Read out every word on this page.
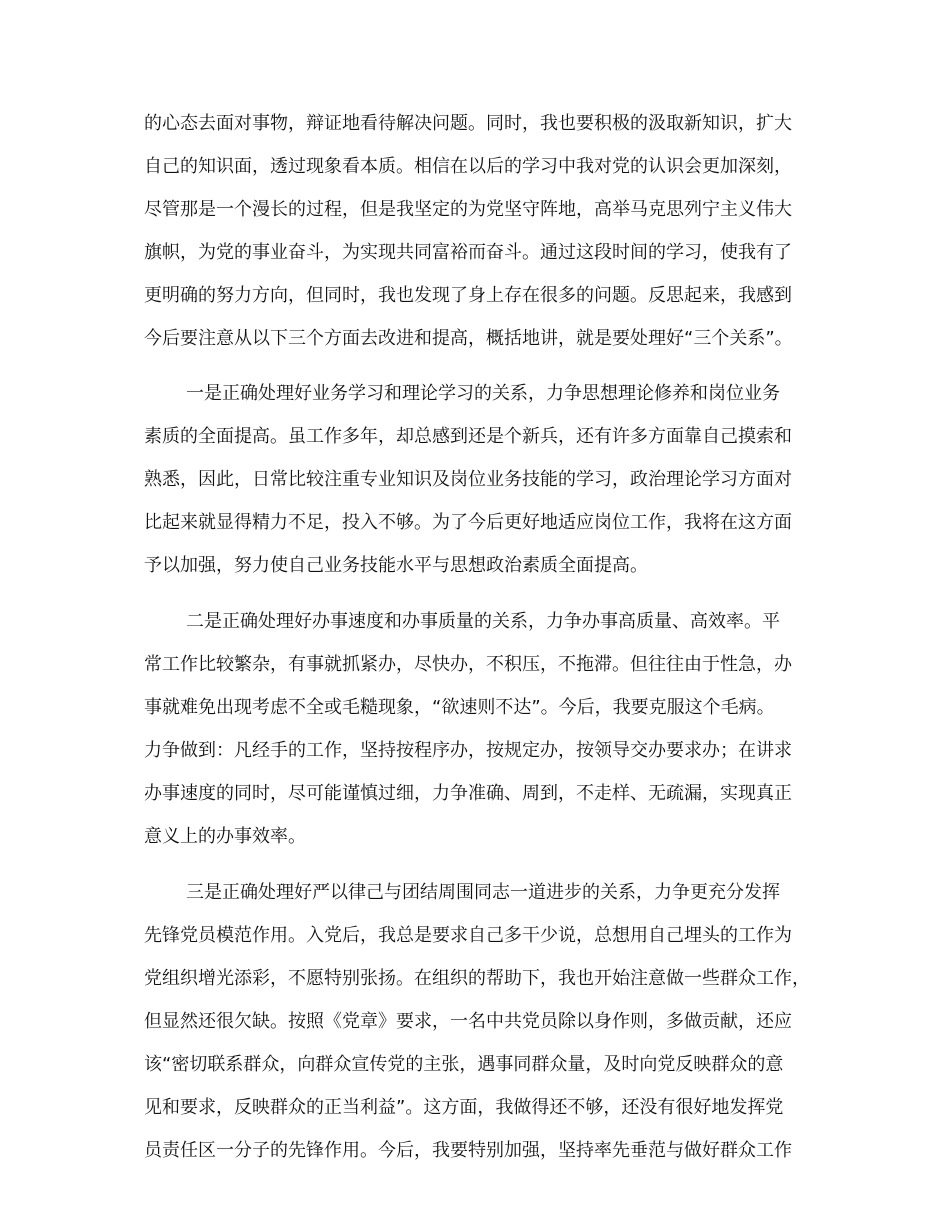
的心态去面对事物，辩证地看待解决问题。同时，我也要积极的汲取新知识，扩大
自己的知识面，透过现象看本质。相信在以后的学习中我对党的认识会更加深刻，
尽管那是一个漫长的过程，但是我坚定的为党坚守阵地，高举马克思列宁主义伟大
旗帜，为党的事业奋斗，为实现共同富裕而奋斗。通过这段时间的学习，使我有了
更明确的努力方向，但同时，我也发现了身上存在很多的问题。反思起来，我感到
今后要注意从以下三个方面去改进和提高，概括地讲，就是要处理好“三个关系”。
一是正确处理好业务学习和理论学习的关系，力争思想理论修养和岗位业务
素质的全面提高。虽工作多年，却总感到还是个新兵，还有许多方面靠自己摸索和
熟悉，因此，日常比较注重专业知识及岗位业务技能的学习，政治理论学习方面对
比起来就显得精力不足，投入不够。为了今后更好地适应岗位工作，我将在这方面
予以加强，努力使自己业务技能水平与思想政治素质全面提高。
二是正确处理好办事速度和办事质量的关系，力争办事高质量、高效率。平
常工作比较繁杂，有事就抓紧办，尽快办，不积压，不拖滞。但往往由于性急，办
事就难免出现考虑不全或毛糙现象，“欲速则不达”。今后，我要克服这个毛病。
力争做到：凡经手的工作，坚持按程序办，按规定办，按领导交办要求办；在讲求
办事速度的同时，尽可能谨慎过细，力争准确、周到，不走样、无疏漏，实现真正
意义上的办事效率。
三是正确处理好严以律己与团结周围同志一道进步的关系，力争更充分发挥
先锋党员模范作用。入党后，我总是要求自己多干少说，总想用自己埋头的工作为
党组织增光添彩，不愿特别张扬。在组织的帮助下，我也开始注意做一些群众工作，
但显然还很欠缺。按照《党章》要求，一名中共党员除以身作则，多做贡献，还应
该“密切联系群众，向群众宣传党的主张，遇事同群众量，及时向党反映群众的意
见和要求，反映群众的正当利益”。这方面，我做得还不够，还没有很好地发挥党
员责任区一分子的先锋作用。今后，我要特别加强，坚持率先垂范与做好群众工作
